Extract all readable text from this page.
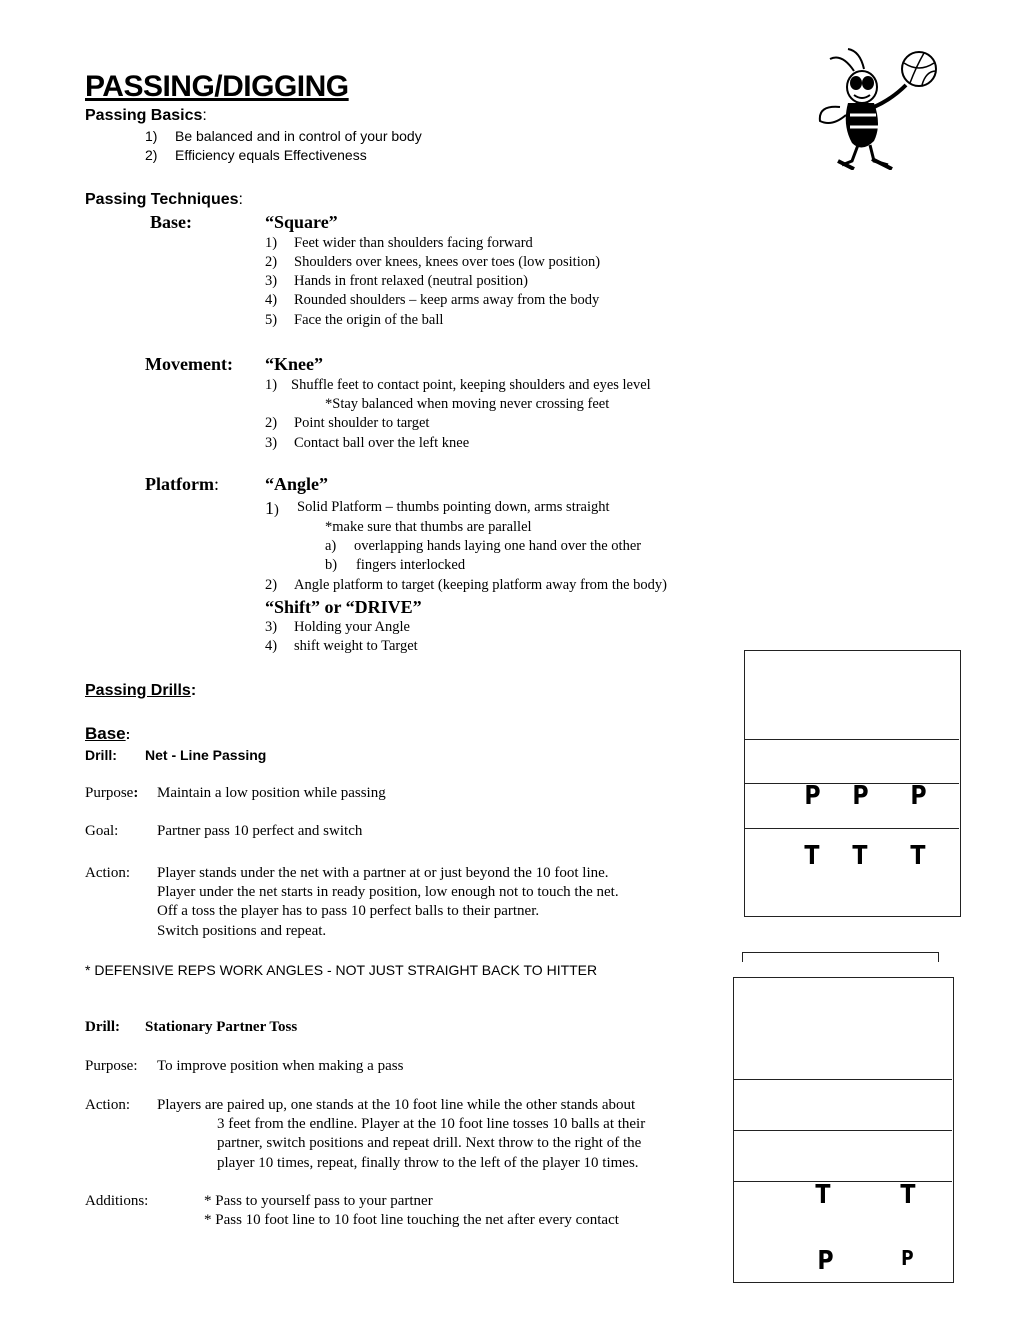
PASSING/DIGGING
Passing Basics:
1) Be balanced and in control of your body
2) Efficiency equals Effectiveness
Passing Techniques:
Base:	“Square”
1) Feet wider than shoulders facing forward
2) Shoulders over knees, knees over toes (low position)
3) Hands in front relaxed (neutral position)
4) Rounded shoulders – keep arms away from the body
5) Face the origin of the ball
Movement: “Knee”
1) Shuffle feet to contact point, keeping shoulders and eyes level
*Stay balanced when moving never crossing feet
2) Point shoulder to target
3) Contact ball over the left knee
Platform:	“Angle”
1) Solid Platform – thumbs pointing down, arms straight
*make sure that thumbs are parallel
a) overlapping hands laying one hand over the other
b) fingers interlocked
2) Angle platform to target (keeping platform away from the body)
“Shift” or “DRIVE”
3) Holding your Angle
4) shift weight to Target
Passing Drills:
Base:
Drill: Net - Line Passing
Purpose: Maintain a low position while passing
Goal:	Partner pass 10 perfect and switch
Action: Player stands under the net with a partner at or just beyond the 10 foot line.
Player under the net starts in ready position, low enough not to touch the net.
Off a toss the player has to pass 10 perfect balls to their partner.
Switch positions and repeat.
* DEFENSIVE REPS WORK ANGLES - NOT JUST STRAIGHT BACK TO HITTER
Drill: Stationary Partner Toss
Purpose: To improve position when making a pass
Action: Players are paired up, one stands at the 10 foot line while the other stands about
3 feet from the endline. Player at the 10 foot line tosses 10 balls at their
partner, switch positions and repeat drill. Next throw to the right of the
player 10 times, repeat, finally throw to the left of the player 10 times.
Additions:	* Pass to yourself pass to your partner
* Pass 10 foot line to 10 foot line touching the net after every contact
P P P
T T T
T	T
P	P
